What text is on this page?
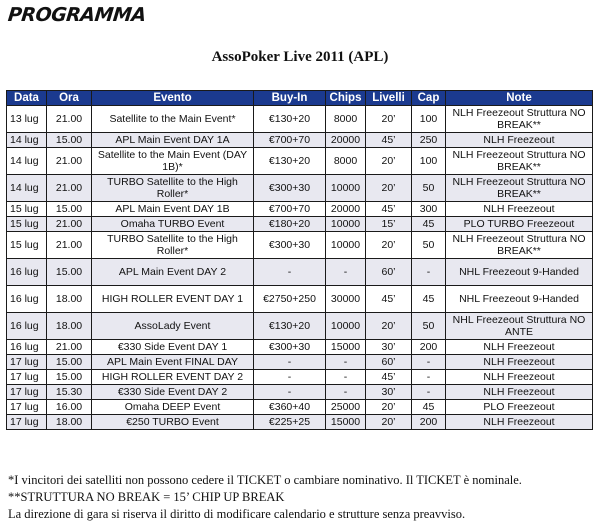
PROGRAMMA
AssoPoker Live 2011 (APL)
Data	Ora	Evento	Buy-In	Chips	Livelli	Cap	Note
13 lug	21.00	Satellite to the Main Event*	€130+20	8000	20’	100	NLH Freezeout Struttura NO BREAK**
14 lug	15.00	APL Main Event DAY 1A	€700+70	20000	45’	250	NLH Freezeout
14 lug	21.00	Satellite to the Main Event (DAY 1B)*	€130+20	8000	20’	100	NLH Freezeout Struttura NO BREAK**
14 lug	21.00	TURBO Satellite to the High Roller*	€300+30	10000	20’	50	NLH Freezeout Struttura NO BREAK**
15 lug	15.00	APL Main Event DAY 1B	€700+70	20000	45’	300	NLH Freezeout
15 lug	21.00	Omaha TURBO Event	€180+20	10000	15’	45	PLO TURBO Freezeout
15 lug	21.00	TURBO Satellite to the High Roller*	€300+30	10000	20’	50	NLH Freezeout Struttura NO BREAK**
16 lug	15.00	APL Main Event DAY 2	-	-	60’	-	NHL Freezeout 9-Handed
16 lug	18.00	HIGH ROLLER EVENT DAY 1	€2750+250	30000	45’	45	NHL Freezeout 9-Handed
16 lug	18.00	AssoLady Event	€130+20	10000	20’	50	NHL Freezeout Struttura NO ANTE
16 lug	21.00	€330 Side Event DAY 1	€300+30	15000	30’	200	NLH Freezeout
17 lug	15.00	APL Main Event FINAL DAY	-	-	60’	-	NLH Freezeout
17 lug	15.00	HIGH ROLLER EVENT DAY 2	-	-	45’	-	NLH Freezeout
17 lug	15.30	€330 Side Event DAY 2	-	-	30’	-	NLH Freezeout
17 lug	16.00	Omaha DEEP Event	€360+40	25000	20’	45	PLO Freezeout
17 lug	18.00	€250 TURBO Event	€225+25	15000	20’	200	NLH Freezeout
*I vincitori dei satelliti non possono cedere il TICKET o cambiare nominativo. Il TICKET è nominale.
**STRUTTURA NO BREAK = 15’ CHIP UP BREAK
La direzione di gara si riserva il diritto di modificare calendario e strutture senza preavviso.
